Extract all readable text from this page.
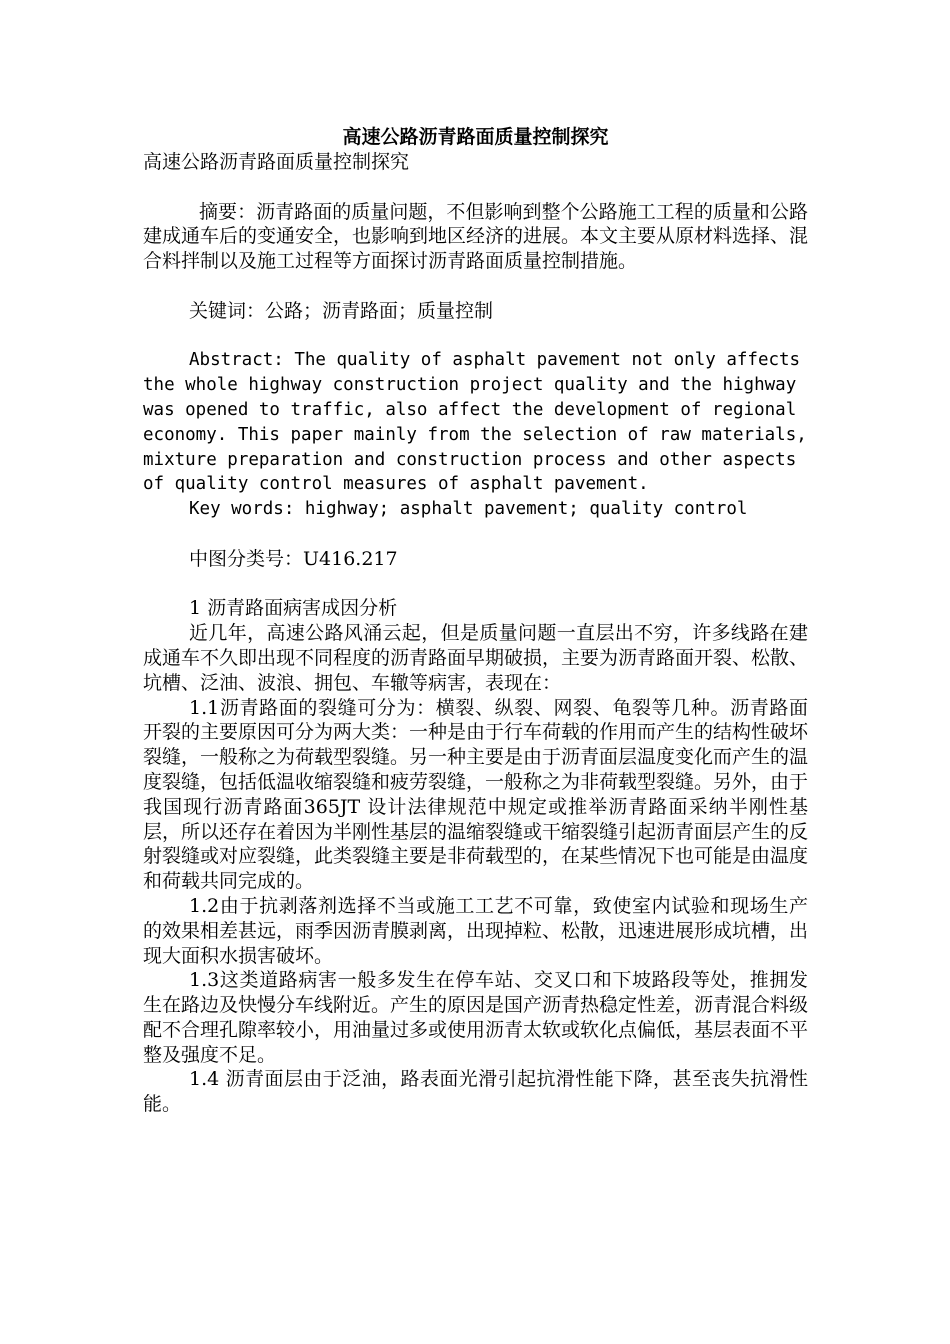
高速公路沥青路面质量控制探究

高速公路沥青路面质量控制探究

摘要：沥青路面的质量问题，不但影响到整个公路施工工程的质量和公路建成通车后的变通安全，也影响到地区经济的进展。本文主要从原材料选择、混合料拌制以及施工过程等方面探讨沥青路面质量控制措施。

关键词：公路；沥青路面；质量控制

Abstract: The quality of asphalt pavement not only affects the whole highway construction project quality and the highway was opened to traffic, also affect the development of regional economy. This paper mainly from the selection of raw materials, mixture preparation and construction process and other aspects of quality control measures of asphalt pavement.

Key words: highway; asphalt pavement; quality control

中图分类号：U416.217

1 沥青路面病害成因分析

近几年，高速公路风涌云起，但是质量问题一直层出不穷，许多线路在建成通车不久即出现不同程度的沥青路面早期破损，主要为沥青路面开裂、松散、坑槽、泛油、波浪、拥包、车辙等病害，表现在：

1.1沥青路面的裂缝可分为：横裂、纵裂、网裂、龟裂等几种。沥青路面开裂的主要原因可分为两大类：一种是由于行车荷载的作用而产生的结构性破坏裂缝，一般称之为荷载型裂缝。另一种主要是由于沥青面层温度变化而产生的温度裂缝，包括低温收缩裂缝和疲劳裂缝，一般称之为非荷载型裂缝。另外，由于我国现行沥青路面365JT 设计法律规范中规定或推举沥青路面采纳半刚性基层，所以还存在着因为半刚性基层的温缩裂缝或干缩裂缝引起沥青面层产生的反射裂缝或对应裂缝，此类裂缝主要是非荷载型的，在某些情况下也可能是由温度和荷载共同完成的。

1.2由于抗剥落剂选择不当或施工工艺不可靠，致使室内试验和现场生产的效果相差甚远，雨季因沥青膜剥离，出现掉粒、松散，迅速进展形成坑槽，出现大面积水损害破坏。

1.3这类道路病害一般多发生在停车站、交叉口和下坡路段等处，推拥发生在路边及快慢分车线附近。产生的原因是国产沥青热稳定性差，沥青混合料级配不合理孔隙率较小，用油量过多或使用沥青太软或软化点偏低，基层表面不平整及强度不足。

1.4 沥青面层由于泛油，路表面光滑引起抗滑性能下降，甚至丧失抗滑性能。
